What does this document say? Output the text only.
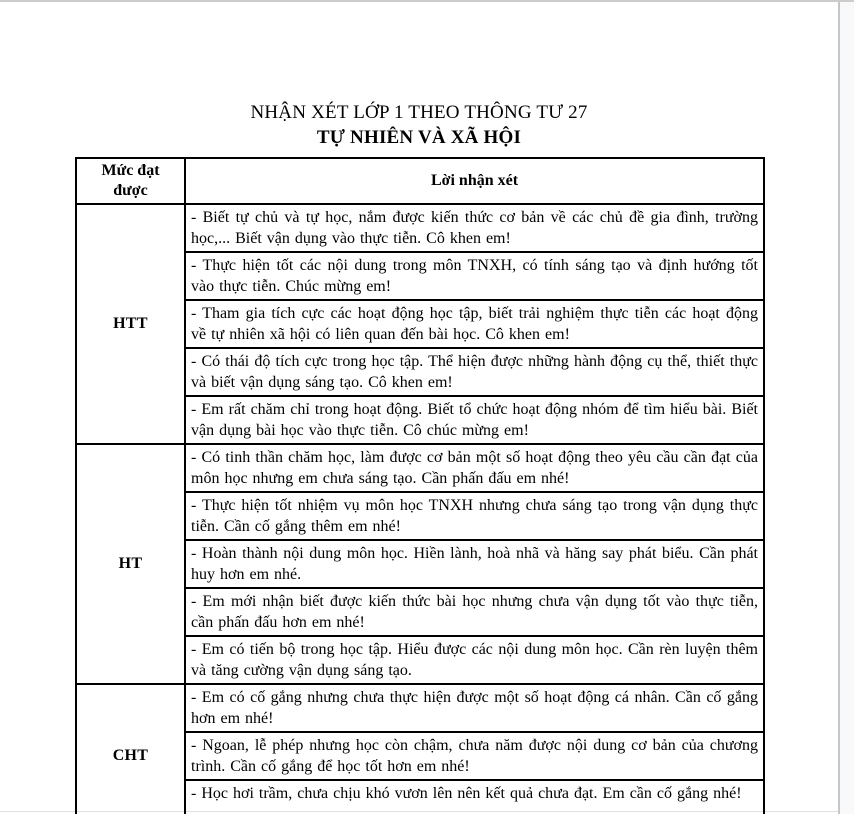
NHẬN XÉT LỚP 1 THEO THÔNG TƯ 27
TỰ NHIÊN VÀ XÃ HỘI
Mức đạt được	Lời nhận xét
HTT	- Biết tự chủ và tự học, nắm được kiến thức cơ bản về các chủ đề gia đình, trường học,... Biết vận dụng vào thực tiễn. Cô khen em!
	- Thực hiện tốt các nội dung trong môn TNXH, có tính sáng tạo và định hướng tốt vào thực tiễn. Chúc mừng em!
	- Tham gia tích cực các hoạt động học tập, biết trải nghiệm thực tiễn các hoạt động về tự nhiên xã hội có liên quan đến bài học. Cô khen em!
	- Có thái độ tích cực trong học tập. Thể hiện được những hành động cụ thể, thiết thực và biết vận dụng sáng tạo. Cô khen em!
	- Em rất chăm chỉ trong hoạt động. Biết tổ chức hoạt động nhóm để tìm hiểu bài. Biết vận dụng bài học vào thực tiễn. Cô chúc mừng em!
HT	- Có tinh thần chăm học, làm được cơ bản một số hoạt động theo yêu cầu cần đạt của môn học nhưng em chưa sáng tạo. Cần phấn đấu em nhé!
	- Thực hiện tốt nhiệm vụ môn học TNXH nhưng chưa sáng tạo trong vận dụng thực tiễn. Cần cố gắng thêm em nhé!
	- Hoàn thành nội dung môn học. Hiền lành, hoà nhã và hăng say phát biểu. Cần phát huy hơn em nhé.
	- Em mới nhận biết được kiến thức bài học nhưng chưa vận dụng tốt vào thực tiễn, cần phấn đấu hơn em nhé!
	- Em có tiến bộ trong học tập. Hiểu được các nội dung môn học. Cần rèn luyện thêm và tăng cường vận dụng sáng tạo.
CHT	- Em có cố gắng nhưng chưa thực hiện được một số hoạt động cá nhân. Cần cố gắng hơn em nhé!
	- Ngoan, lễ phép nhưng học còn chậm, chưa năm được nội dung cơ bản của chương trình. Cần cố gắng để học tốt hơn em nhé!
	- Học hơi trầm, chưa chịu khó vươn lên nên kết quả chưa đạt. Em cần cố gắng nhé!
